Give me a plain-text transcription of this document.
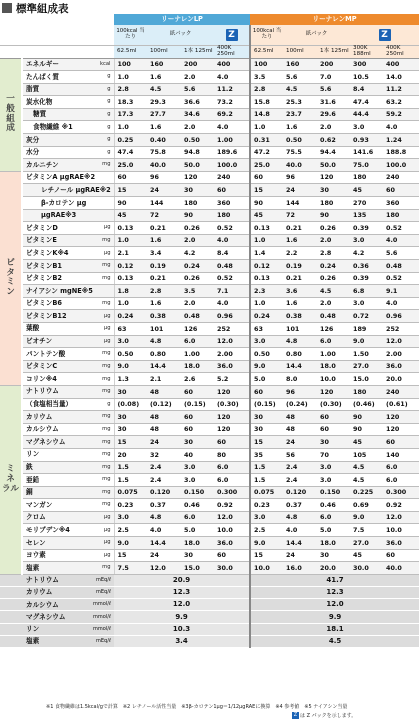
標準組成表
			リーナレンLP				リーナレンMP				
			100kcal 当たり	紙パック		Z	100kcal 当たり	紙パック		Z	
			62.5ml	100ml	1本 125ml	400K 250ml	62.5ml	100ml	1本 125ml	300K 188ml	400K 250ml
一般組成	エネルギー	kcal	100	160	200	400	100	160	200	300	400
	たんぱく質	g	1.0	1.6	2.0	4.0	3.5	5.6	7.0	10.5	14.0
	脂質	g	2.8	4.5	5.6	11.2	2.8	4.5	5.6	8.4	11.2
	炭水化物	g	18.3	29.3	36.6	73.2	15.8	25.3	31.6	47.4	63.2
	糖質	g	17.3	27.7	34.6	69.2	14.8	23.7	29.6	44.4	59.2
	食物繊維 ※1	g	1.0	1.6	2.0	4.0	1.0	1.6	2.0	3.0	4.0
	灰分	g	0.25	0.40	0.50	1.00	0.31	0.50	0.62	0.93	1.24
	水分	g	47.4	75.8	94.8	189.6	47.2	75.5	94.4	141.6	188.8
	カルニチン	mg	25.0	40.0	50.0	100.0	25.0	40.0	50.0	75.0	100.0
ビタミン	ビタミンA μgRAE※2		60	96	120	240	60	96	120	180	240
	レチノール μgRAE※2		15	24	30	60	15	24	30	45	60
	β-カロテン μg		90	144	180	360	90	144	180	270	360
	μgRAE※3		45	72	90	180	45	72	90	135	180
	ビタミンD	μg	0.13	0.21	0.26	0.52	0.13	0.21	0.26	0.39	0.52
	ビタミンE	mg	1.0	1.6	2.0	4.0	1.0	1.6	2.0	3.0	4.0
	ビタミンK※4	μg	2.1	3.4	4.2	8.4	1.4	2.2	2.8	4.2	5.6
	ビタミンB1	mg	0.12	0.19	0.24	0.48	0.12	0.19	0.24	0.36	0.48
	ビタミンB2	mg	0.13	0.21	0.26	0.52	0.13	0.21	0.26	0.39	0.52
	ナイアシン mgNE※5		1.8	2.8	3.5	7.1	2.3	3.6	4.5	6.8	9.1
	ビタミンB6	mg	1.0	1.6	2.0	4.0	1.0	1.6	2.0	3.0	4.0
	ビタミンB12	μg	0.24	0.38	0.48	0.96	0.24	0.38	0.48	0.72	0.96
	葉酸	μg	63	101	126	252	63	101	126	189	252
	ビオチン	μg	3.0	4.8	6.0	12.0	3.0	4.8	6.0	9.0	12.0
	パントテン酸	mg	0.50	0.80	1.00	2.00	0.50	0.80	1.00	1.50	2.00
	ビタミンC	mg	9.0	14.4	18.0	36.0	9.0	14.4	18.0	27.0	36.0
	コリン※4	mg	1.3	2.1	2.6	5.2	5.0	8.0	10.0	15.0	20.0
ミネラル	ナトリウム	mg	30	48	60	120	60	96	120	180	240
	（食塩相当量）	g	(0.08)	(0.12)	(0.15)	(0.30)	(0.15)	(0.24)	(0.30)	(0.46)	(0.61)
	カリウム	mg	30	48	60	120	30	48	60	90	120
	カルシウム	mg	30	48	60	120	30	48	60	90	120
	マグネシウム	mg	15	24	30	60	15	24	30	45	60
	リン	mg	20	32	40	80	35	56	70	105	140
	鉄	mg	1.5	2.4	3.0	6.0	1.5	2.4	3.0	4.5	6.0
	亜鉛	mg	1.5	2.4	3.0	6.0	1.5	2.4	3.0	4.5	6.0
	銅	mg	0.075	0.120	0.150	0.300	0.075	0.120	0.150	0.225	0.300
	マンガン	mg	0.23	0.37	0.46	0.92	0.23	0.37	0.46	0.69	0.92
	クロム	μg	3.0	4.8	6.0	12.0	3.0	4.8	6.0	9.0	12.0
	モリブデン※4	μg	2.5	4.0	5.0	10.0	2.5	4.0	5.0	7.5	10.0
	セレン	μg	9.0	14.4	18.0	36.0	9.0	14.4	18.0	27.0	36.0
	ヨウ素	μg	15	24	30	60	15	24	30	45	60
	塩素	mg	7.5	12.0	15.0	30.0	10.0	16.0	20.0	30.0	40.0
ナトリウム		mEq/ℓ	20.9				41.7				
カリウム		mEq/ℓ	12.3				12.3				
カルシウム		mmol/ℓ	12.0				12.0				
マグネシウム		mmol/ℓ	9.9				9.9				
リン		mmol/ℓ	10.3				18.1				
塩素		mEq/ℓ	3.4				4.5				
※1 食物繊維は1.5kcal/gで計算　※2 レチノール活性当量　※3β-カロテン1μg＝1/12μgRAEに換算　※4 参考値　※5 ナイアシン当量
Z は Z パックを示します。
